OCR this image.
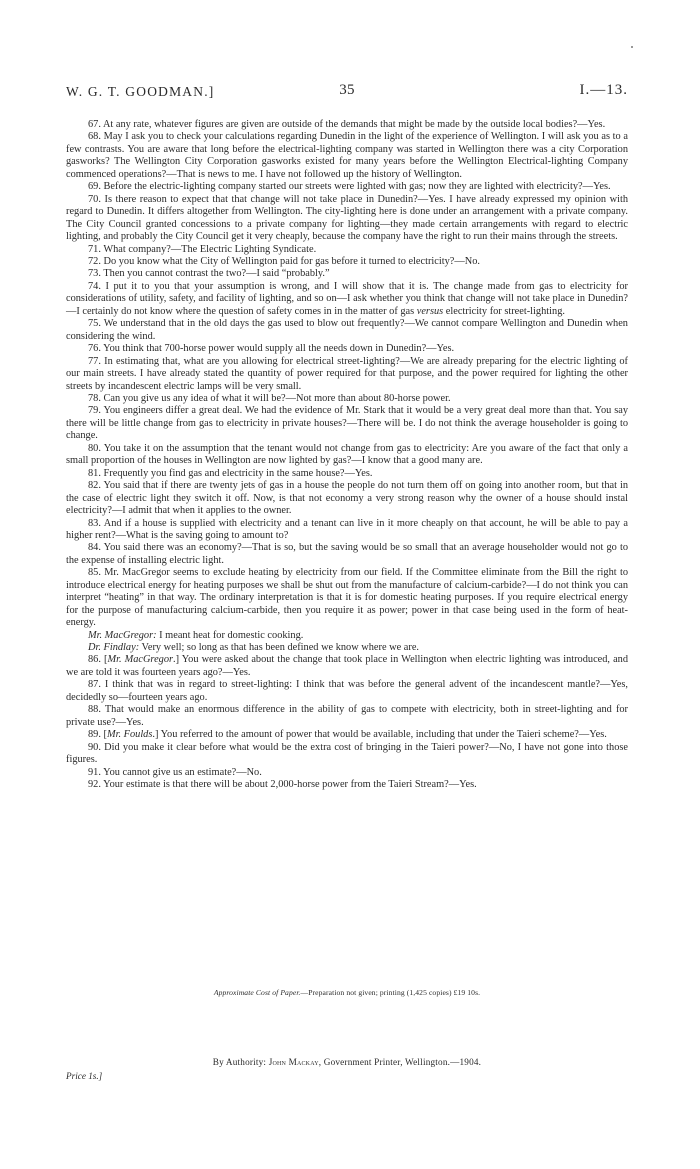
W. G. T. GOODMAN.]	35	I.—13.

67. At any rate, whatever figures are given are outside of the demands that might be made by the outside local bodies?—Yes.

68. May I ask you to check your calculations regarding Dunedin in the light of the experience of Wellington. I will ask you as to a few contrasts. You are aware that long before the electrical-lighting company was started in Wellington there was a city Corporation gasworks? The Wellington City Corporation gasworks existed for many years before the Wellington Electrical-lighting Company commenced operations?—That is news to me. I have not followed up the history of Wellington.

69. Before the electric-lighting company started our streets were lighted with gas; now they are lighted with electricity?—Yes.

70. Is there reason to expect that that change will not take place in Dunedin?—Yes. I have already expressed my opinion with regard to Dunedin. It differs altogether from Wellington. The city-lighting here is done under an arrangement with a private company. The City Council granted concessions to a private company for lighting—they made certain arrangements with regard to electric lighting, and probably the City Council get it very cheaply, because the company have the right to run their mains through the streets.

71. What company?—The Electric Lighting Syndicate.

72. Do you know what the City of Wellington paid for gas before it turned to electricity?—No.

73. Then you cannot contrast the two?—I said “probably.”

74. I put it to you that your assumption is wrong, and I will show that it is. The change made from gas to electricity for considerations of utility, safety, and facility of lighting, and so on—I ask whether you think that change will not take place in Dunedin?—I certainly do not know where the question of safety comes in in the matter of gas versus electricity for street-lighting.

75. We understand that in the old days the gas used to blow out frequently?—We cannot compare Wellington and Dunedin when considering the wind.

76. You think that 700-horse power would supply all the needs down in Dunedin?—Yes.

77. In estimating that, what are you allowing for electrical street-lighting?—We are already preparing for the electric lighting of our main streets. I have already stated the quantity of power required for that purpose, and the power required for lighting the other streets by incandescent electric lamps will be very small.

78. Can you give us any idea of what it will be?—Not more than about 80-horse power.

79. You engineers differ a great deal. We had the evidence of Mr. Stark that it would be a very great deal more than that. You say there will be little change from gas to electricity in private houses?—There will be. I do not think the average householder is going to change.

80. You take it on the assumption that the tenant would not change from gas to electricity: Are you aware of the fact that only a small proportion of the houses in Wellington are now lighted by gas?—I know that a good many are.

81. Frequently you find gas and electricity in the same house?—Yes.

82. You said that if there are twenty jets of gas in a house the people do not turn them off on going into another room, but that in the case of electric light they switch it off. Now, is that not economy a very strong reason why the owner of a house should instal electricity?—I admit that when it applies to the owner.

83. And if a house is supplied with electricity and a tenant can live in it more cheaply on that account, he will be able to pay a higher rent?—What is the saving going to amount to?

84. You said there was an economy?—That is so, but the saving would be so small that an average householder would not go to the expense of installing electric light.

85. Mr. MacGregor seems to exclude heating by electricity from our field. If the Committee eliminate from the Bill the right to introduce electrical energy for heating purposes we shall be shut out from the manufacture of calcium-carbide?—I do not think you can interpret “heating” in that way. The ordinary interpretation is that it is for domestic heating purposes. If you require electrical energy for the purpose of manufacturing calcium-carbide, then you require it as power; power in that case being used in the form of heat-energy.

Mr. MacGregor: I meant heat for domestic cooking.

Dr. Findlay: Very well; so long as that has been defined we know where we are.

86. [Mr. MacGregor.] You were asked about the change that took place in Wellington when electric lighting was introduced, and we are told it was fourteen years ago?—Yes.

87. I think that was in regard to street-lighting: I think that was before the general advent of the incandescent mantle?—Yes, decidedly so—fourteen years ago.

88. That would make an enormous difference in the ability of gas to compete with electricity, both in street-lighting and for private use?—Yes.

89. [Mr. Foulds.] You referred to the amount of power that would be available, including that under the Taieri scheme?—Yes.

90. Did you make it clear before what would be the extra cost of bringing in the Taieri power?—No, I have not gone into those figures.

91. You cannot give us an estimate?—No.

92. Your estimate is that there will be about 2,000-horse power from the Taieri Stream?—Yes.

Approximate Cost of Paper.—Preparation not given; printing (1,425 copies) £19 10s.
By Authority: John Mackay, Government Printer, Wellington.—1904.
Price 1s.]
